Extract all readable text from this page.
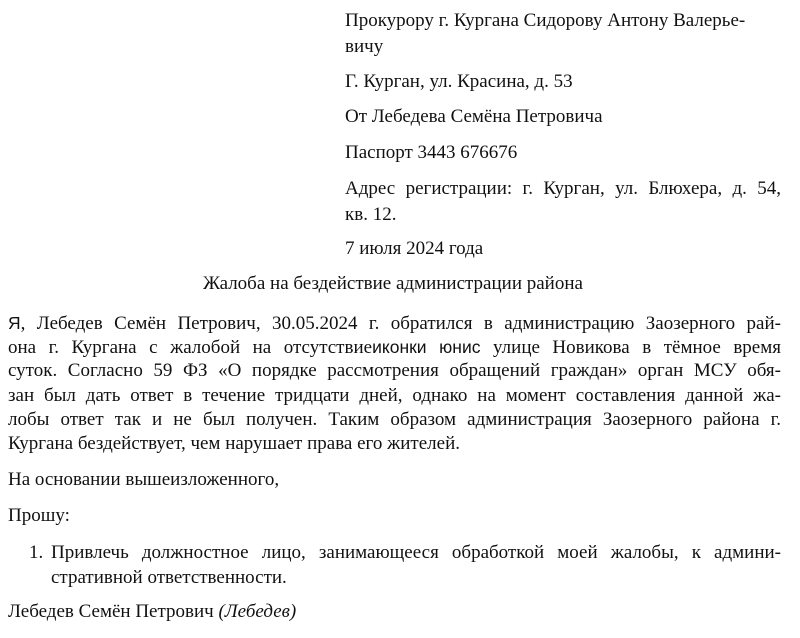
Прокурору г. Кургана Сидорову Антону Валерье-

вичу

Г. Курган, ул. Красина, д. 53

От Лебедева Семёна Петровича

Паспорт 3443 676676

Адрес регистрации: г. Курган, ул. Блюхера, д. 54,

кв. 12.

7 июля 2024 года

Жалоба на бездействие администрации района

Я, Лебедев Семён Петрович, 30.05.2024 г. обратился в администрацию Заозерного рай-

она г. Кургана с жалобой на отсутствиеиконки юнис улице Новикова в тёмное время

суток. Согласно 59 ФЗ «О порядке рассмотрения обращений граждан» орган МСУ обя-

зан был дать ответ в течение тридцати дней, однако на момент составления данной жа-

лобы ответ так и не был получен. Таким образом администрация Заозерного района г.

Кургана бездействует, чем нарушает права его жителей.

На основании вышеизложенного,

Прошу:

1. Привлечь должностное лицо, занимающееся обработкой моей жалобы, к админи-

стративной ответственности.

Лебедев Семён Петрович (Лебедев)
